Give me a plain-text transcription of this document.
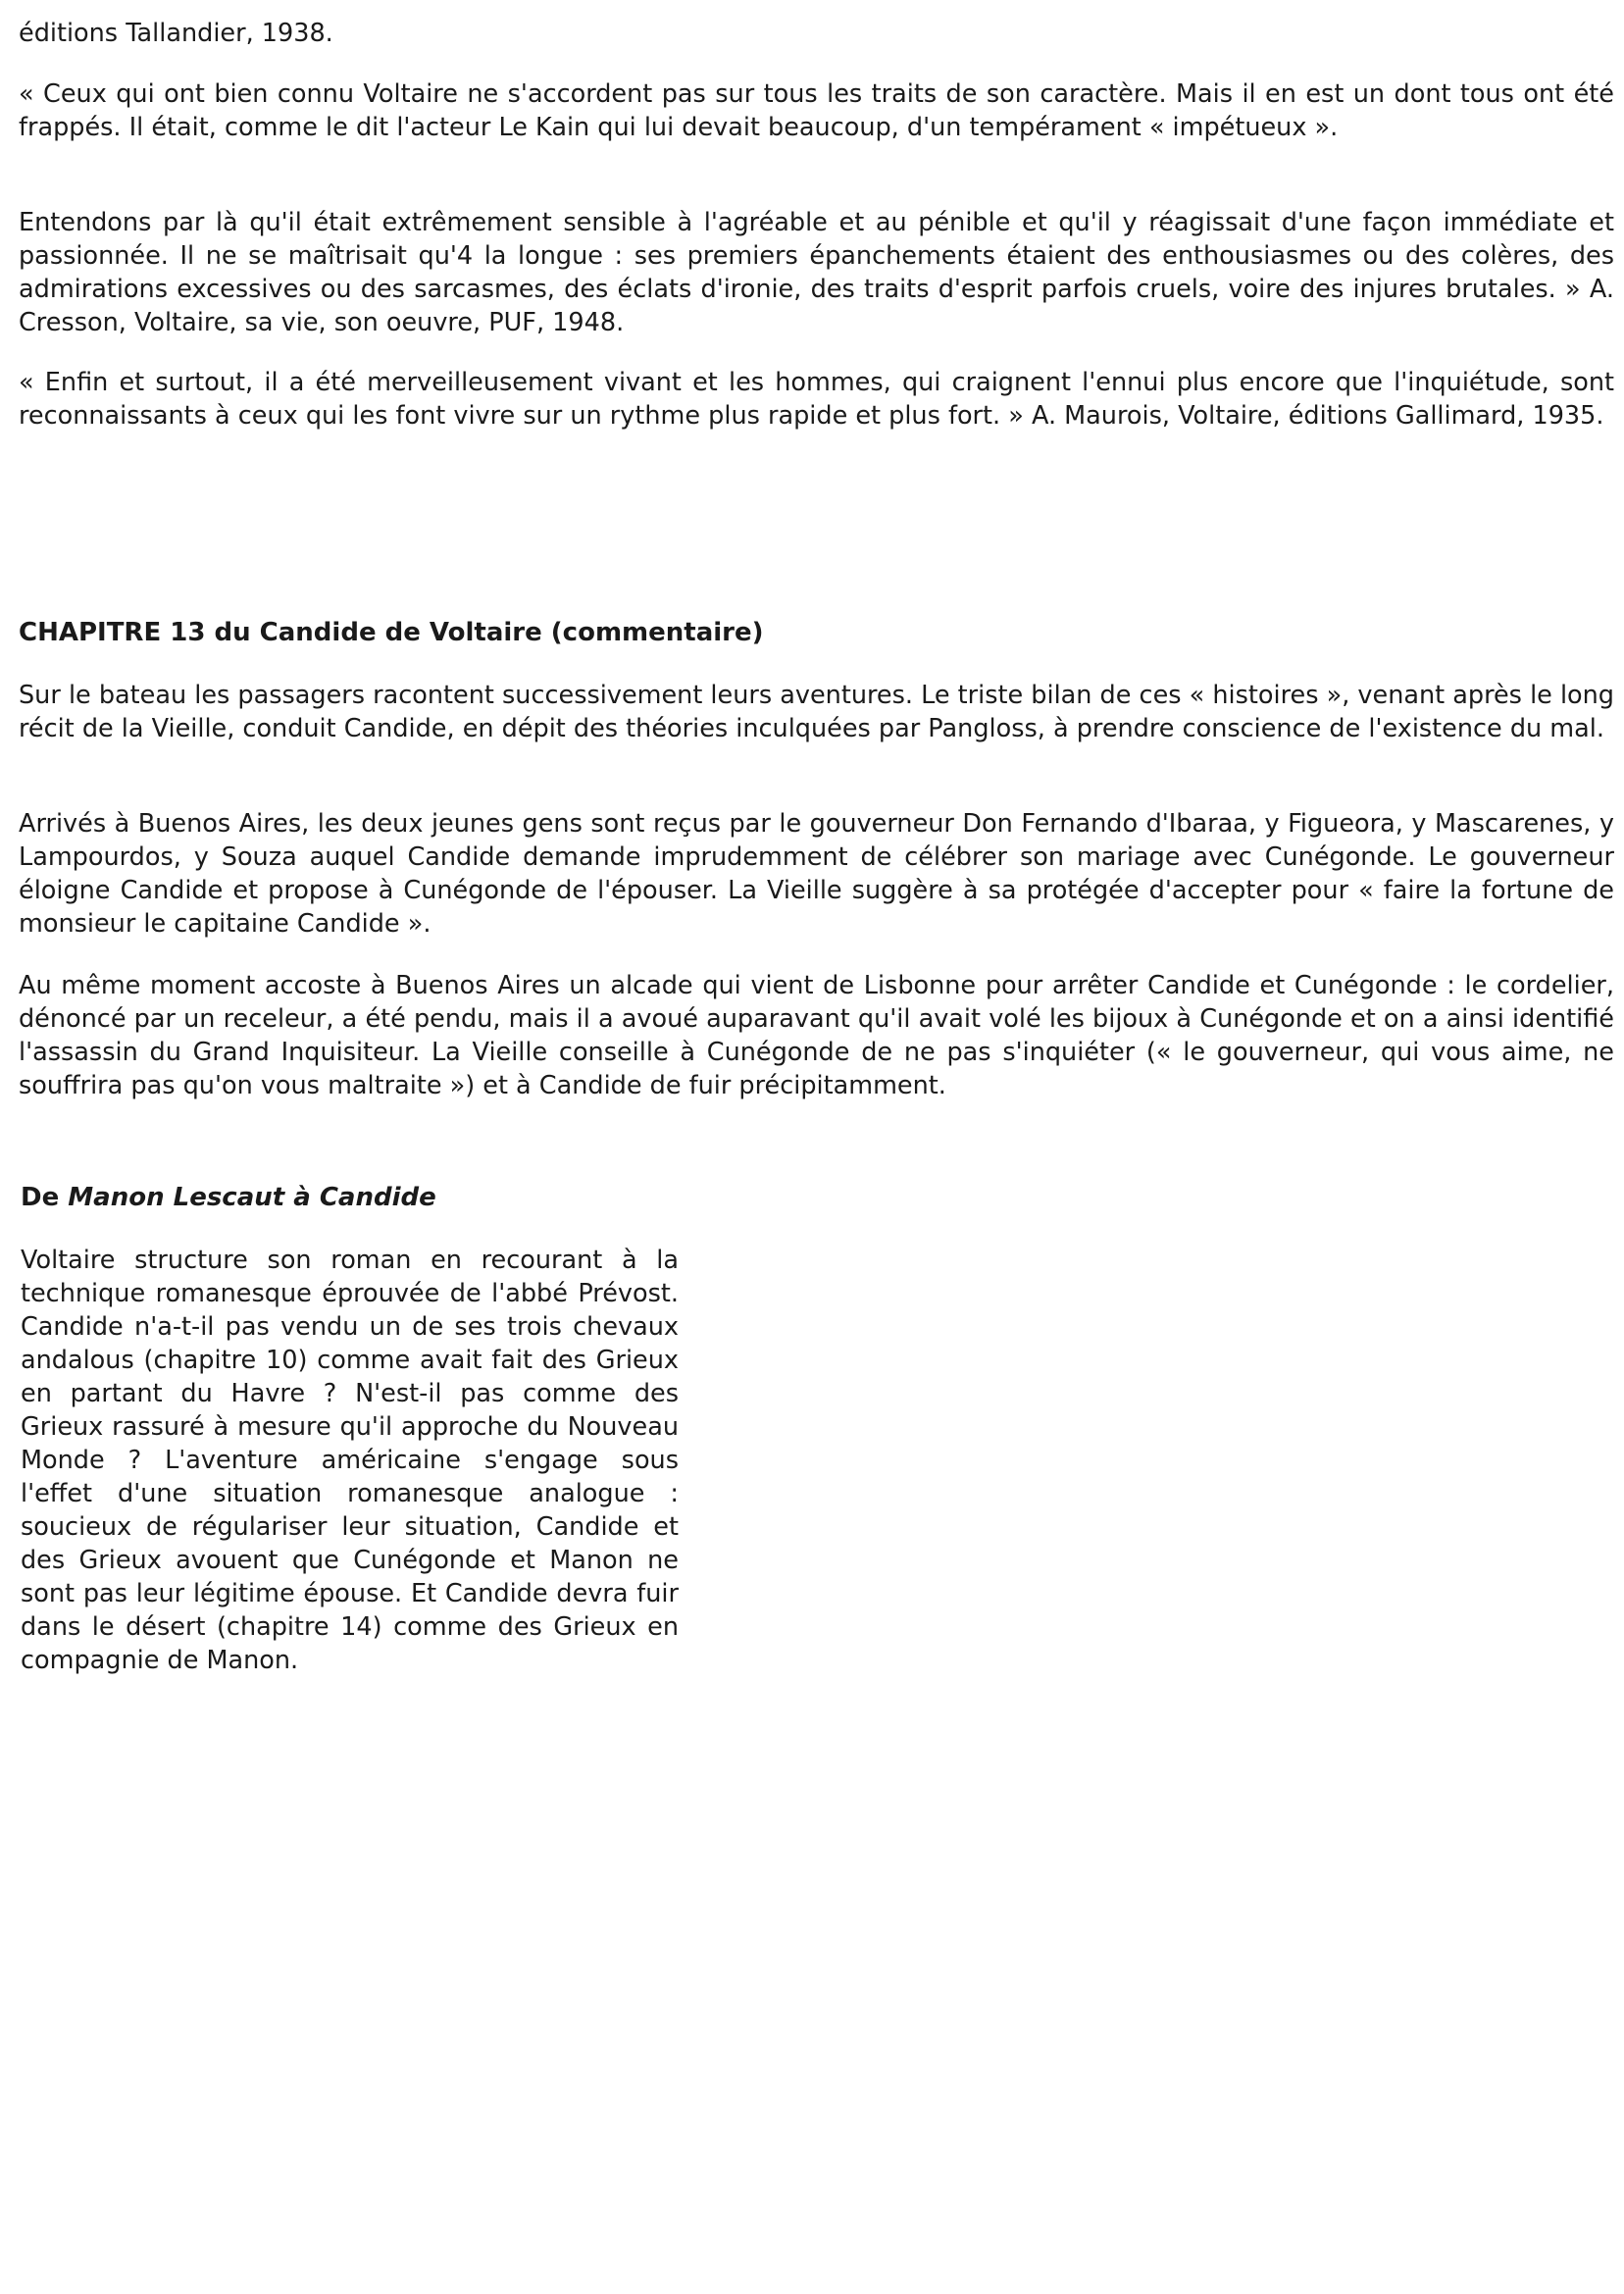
éditions Tallandier, 1938.

« Ceux qui ont bien connu Voltaire ne s'accordent pas sur tous les traits de son caractère. Mais il en est un dont tous ont été frappés. Il était, comme le dit l'acteur Le Kain qui lui devait beaucoup, d'un tempérament « impétueux ».

Entendons par là qu'il était extrêmement sensible à l'agréable et au pénible et qu'il y réagissait d'une façon immédiate et passionnée. Il ne se maîtrisait qu'4 la longue : ses premiers épanchements étaient des enthousiasmes ou des colères, des admirations excessives ou des sarcasmes, des éclats d'ironie, des traits d'esprit parfois cruels, voire des injures brutales. » A. Cresson, Voltaire, sa vie, son oeuvre, PUF, 1948.

« Enfin et surtout, il a été merveilleusement vivant et les hommes, qui craignent l'ennui plus encore que l'inquiétude, sont reconnaissants à ceux qui les font vivre sur un rythme plus rapide et plus fort. » A. Maurois, Voltaire, éditions Gallimard, 1935.

CHAPITRE 13 du Candide de Voltaire (commentaire)

Sur le bateau les passagers racontent successivement leurs aventures. Le triste bilan de ces « histoires », venant après le long récit de la Vieille, conduit Candide, en dépit des théories inculquées par Pangloss, à prendre conscience de l'existence du mal.

Arrivés à Buenos Aires, les deux jeunes gens sont reçus par le gouverneur Don Fernando d'Ibaraa, y Figueora, y Mascarenes, y Lampourdos, y Souza auquel Candide demande imprudemment de célébrer son mariage avec Cunégonde. Le gouverneur éloigne Candide et propose à Cunégonde de l'épouser. La Vieille suggère à sa protégée d'accepter pour « faire la fortune de monsieur le capitaine Candide ».

Au même moment accoste à Buenos Aires un alcade qui vient de Lisbonne pour arrêter Candide et Cunégonde : le cordelier, dénoncé par un receleur, a été pendu, mais il a avoué auparavant qu'il avait volé les bijoux à Cunégonde et on a ainsi identifié l'assassin du Grand Inquisiteur. La Vieille conseille à Cunégonde de ne pas s'inquiéter (« le gouverneur, qui vous aime, ne souffrira pas qu'on vous maltraite ») et à Candide de fuir précipitamment.

De Manon Lescaut à Candide

Voltaire structure son roman en recourant à la technique romanesque éprouvée de l'abbé Prévost. Candide n'a-t-il pas vendu un de ses trois chevaux andalous (chapitre 10) comme avait fait des Grieux en partant du Havre ? N'est-il pas comme des Grieux rassuré à mesure qu'il approche du Nouveau Monde ? L'aventure américaine s'engage sous l'effet d'une situation romanesque analogue : soucieux de régulariser leur situation, Candide et des Grieux avouent que Cunégonde et Manon ne sont pas leur légitime épouse. Et Candide devra fuir dans le désert (chapitre 14) comme des Grieux en compagnie de Manon.
